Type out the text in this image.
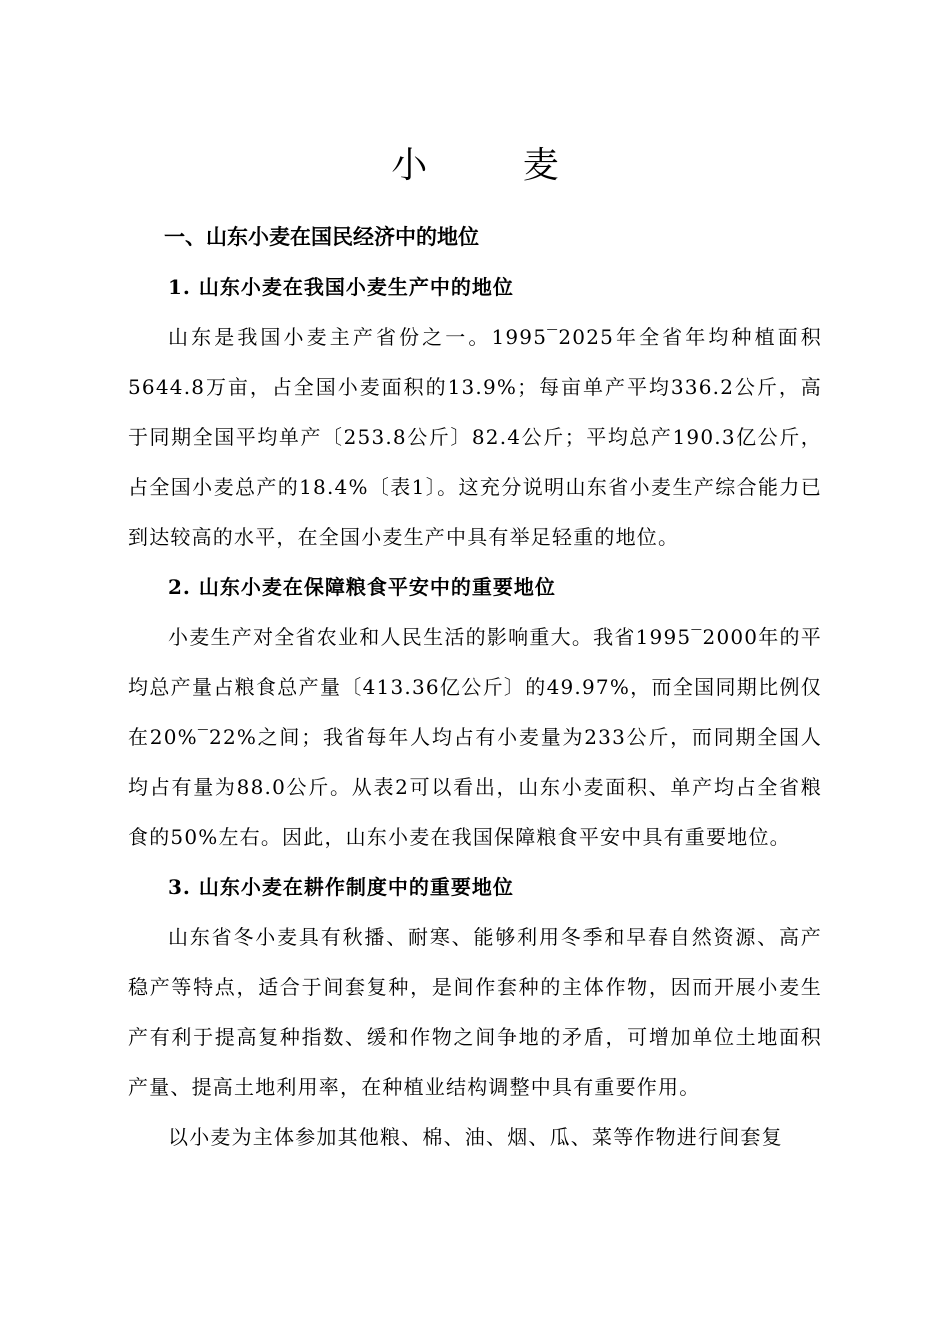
小 麦
一、山东小麦在国民经济中的地位
1. 山东小麦在我国小麦生产中的地位

山东是我国小麦主产省份之一。1995‾2025年全省年均种植面积5644.8万亩，占全国小麦面积的13.9%；每亩单产平均336.2公斤，高于同期全国平均单产〔253.8公斤〕82.4公斤；平均总产190.3亿公斤，占全国小麦总产的18.4%〔表1〕。这充分说明山东省小麦生产综合能力已到达较高的水平，在全国小麦生产中具有举足轻重的地位。

2. 山东小麦在保障粮食平安中的重要地位

小麦生产对全省农业和人民生活的影响重大。我省1995‾2000年的平均总产量占粮食总产量〔413.36亿公斤〕的49.97%，而全国同期比例仅在20%‾22%之间；我省每年人均占有小麦量为233公斤，而同期全国人均占有量为88.0公斤。从表2可以看出，山东小麦面积、单产均占全省粮食的50%左右。因此，山东小麦在我国保障粮食平安中具有重要地位。

3. 山东小麦在耕作制度中的重要地位

山东省冬小麦具有秋播、耐寒、能够利用冬季和早春自然资源、高产稳产等特点，适合于间套复种，是间作套种的主体作物，因而开展小麦生产有利于提高复种指数、缓和作物之间争地的矛盾，可增加单位土地面积产量、提高土地利用率，在种植业结构调整中具有重要作用。

以小麦为主体参加其他粮、棉、油、烟、瓜、菜等作物进行间套复
